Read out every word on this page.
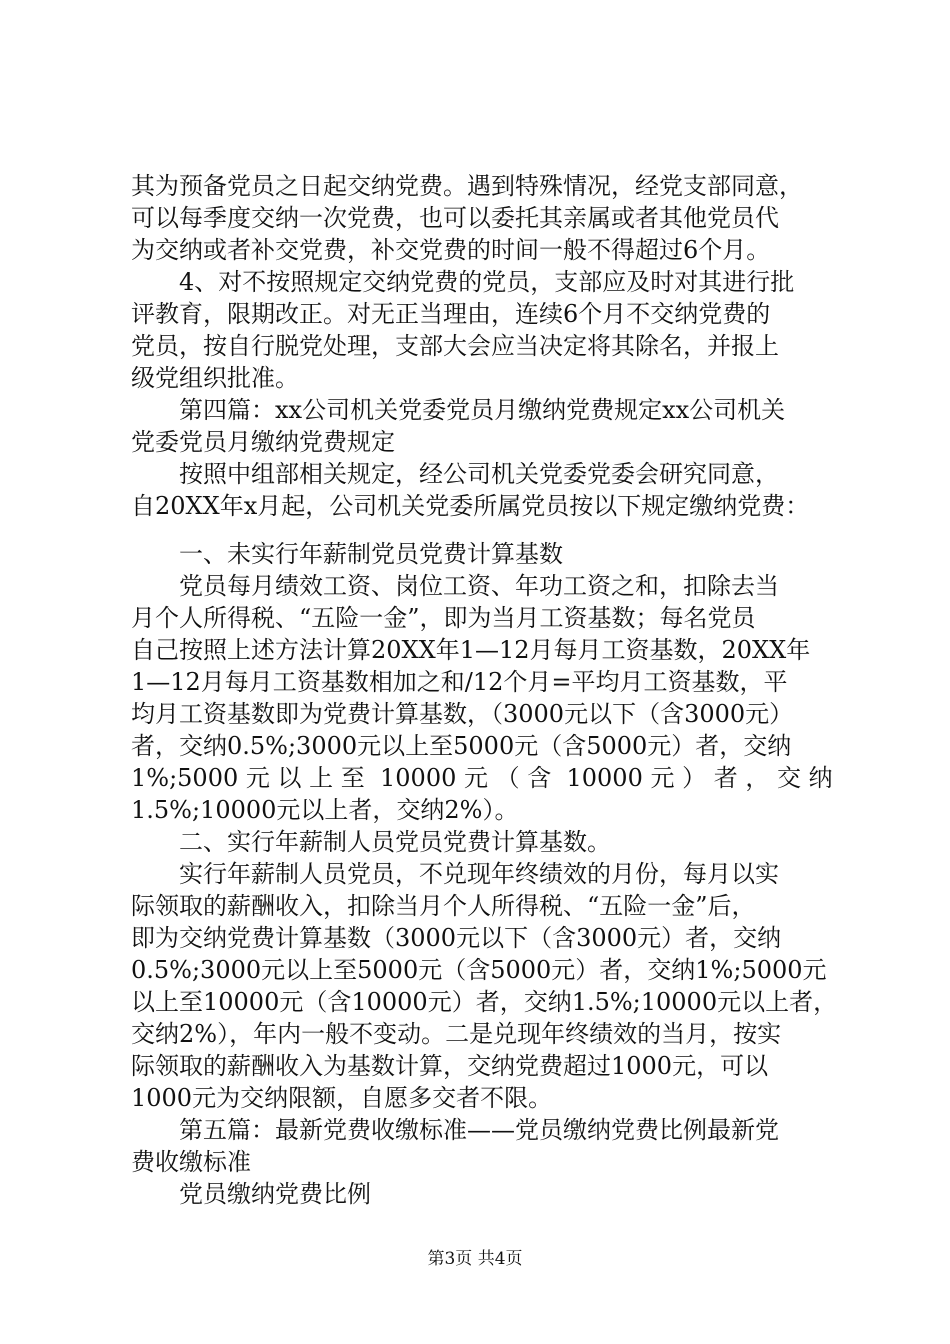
其为预备党员之日起交纳党费。遇到特殊情况，经党支部同意，
可以每季度交纳一次党费，也可以委托其亲属或者其他党员代
为交纳或者补交党费，补交党费的时间一般不得超过6个月。
4、对不按照规定交纳党费的党员，支部应及时对其进行批
评教育，限期改正。对无正当理由，连续6个月不交纳党费的
党员，按自行脱党处理，支部大会应当决定将其除名，并报上
级党组织批准。
第四篇：xx公司机关党委党员月缴纳党费规定xx公司机关
党委党员月缴纳党费规定
按照中组部相关规定，经公司机关党委党委会研究同意，
自20XX年x月起，公司机关党委所属党员按以下规定缴纳党费：
一、未实行年薪制党员党费计算基数
党员每月绩效工资、岗位工资、年功工资之和，扣除去当
月个人所得税、“五险一金”，即为当月工资基数；每名党员
自己按照上述方法计算20XX年1—12月每月工资基数，20XX年
1—12月每月工资基数相加之和/12个月=平均月工资基数，平
均月工资基数即为党费计算基数，（3000元以下（含3000元）
者，交纳0.5%;3000元以上至5000元（含5000元）者，交纳
1%;5000 元 以 上 至  10000 元 （ 含  10000 元 ） 者 ， 交 纳
1.5%;10000元以上者，交纳2%）。
二、实行年薪制人员党员党费计算基数。
实行年薪制人员党员，不兑现年终绩效的月份，每月以实
际领取的薪酬收入，扣除当月个人所得税、“五险一金”后，
即为交纳党费计算基数（3000元以下（含3000元）者，交纳
0.5%;3000元以上至5000元（含5000元）者，交纳1%;5000元
以上至10000元（含10000元）者，交纳1.5%;10000元以上者，
交纳2%），年内一般不变动。二是兑现年终绩效的当月，按实
际领取的薪酬收入为基数计算，交纳党费超过1000元，可以
1000元为交纳限额，自愿多交者不限。
第五篇：最新党费收缴标准——党员缴纳党费比例最新党
费收缴标准
党员缴纳党费比例
第3页 共4页
